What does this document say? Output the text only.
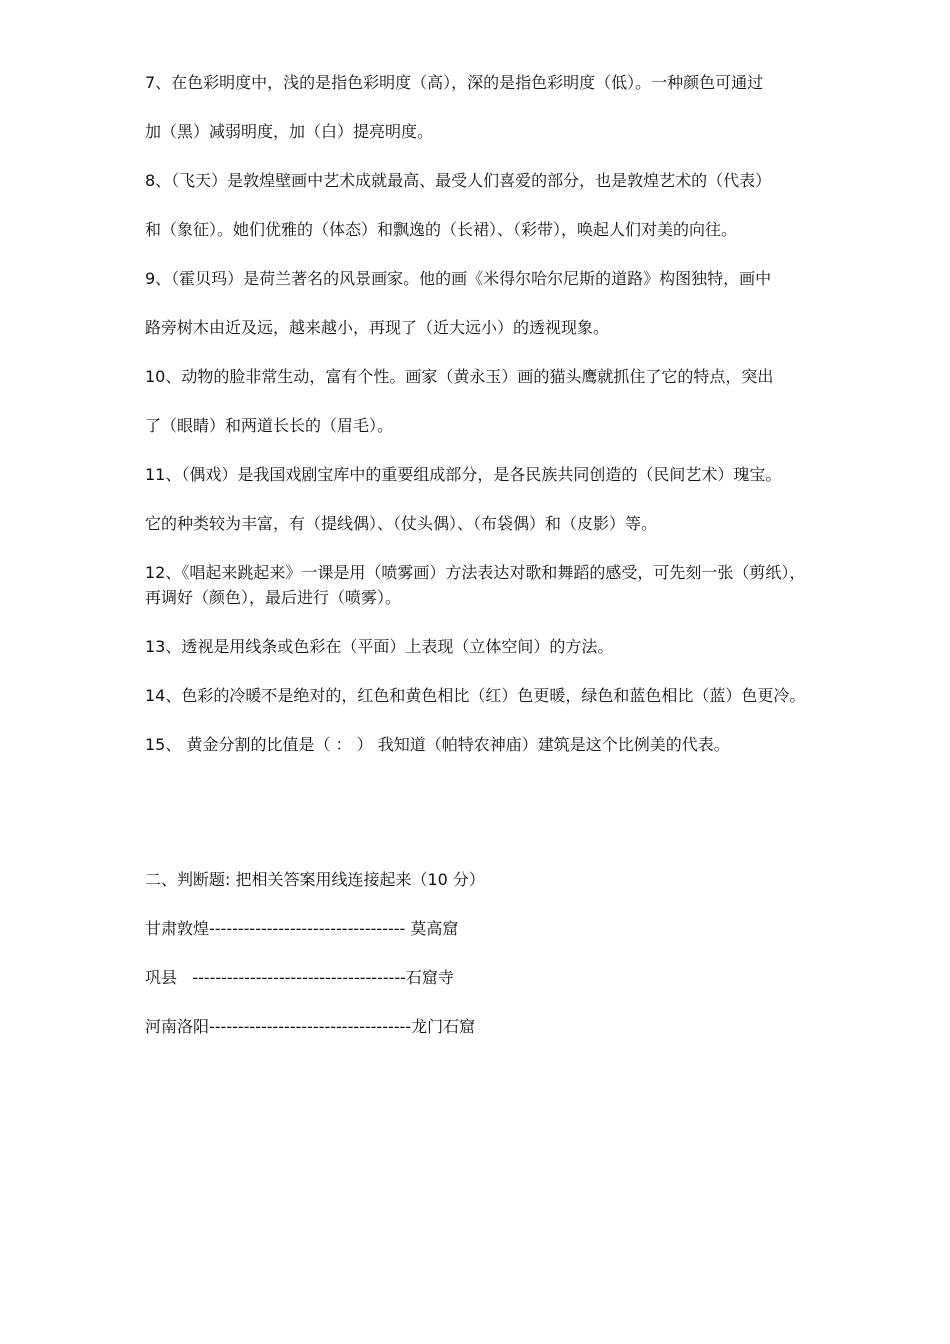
7、在色彩明度中，浅的是指色彩明度（高），深的是指色彩明度（低）。一种颜色可通过

加（黑）减弱明度，加（白）提亮明度。

8、（飞天）是敦煌壁画中艺术成就最高、最受人们喜爱的部分，也是敦煌艺术的（代表）

和（象征）。她们优雅的（体态）和飘逸的（长裙）、（彩带），唤起人们对美的向往。

9、（霍贝玛）是荷兰著名的风景画家。他的画《米得尔哈尔尼斯的道路》构图独特，画中

路旁树木由近及远，越来越小，再现了（近大远小）的透视现象。

10、动物的脸非常生动，富有个性。画家（黄永玉）画的猫头鹰就抓住了它的特点，突出

了（眼睛）和两道长长的（眉毛）。

11、（偶戏）是我国戏剧宝库中的重要组成部分，是各民族共同创造的（民间艺术）瑰宝。

它的种类较为丰富，有（提线偶）、（仗头偶）、（布袋偶）和（皮影）等。

12、《唱起来跳起来》一课是用（喷雾画）方法表达对歌和舞蹈的感受，可先刻一张（剪纸），再调好（颜色），最后进行（喷雾）。

13、透视是用线条或色彩在（平面）上表现（立体空间）的方法。

14、色彩的冷暖不是绝对的，红色和黄色相比（红）色更暖，绿色和蓝色相比（蓝）色更冷。

15、 黄金分割的比值是（ ： ） 我知道（帕特农神庙）建筑是这个比例美的代表。

二、判断题: 把相关答案用线连接起来（10 分）

甘肃敦煌---------------------------------- 莫高窟

巩县   -------------------------------------石窟寺

河南洛阳-----------------------------------龙门石窟
